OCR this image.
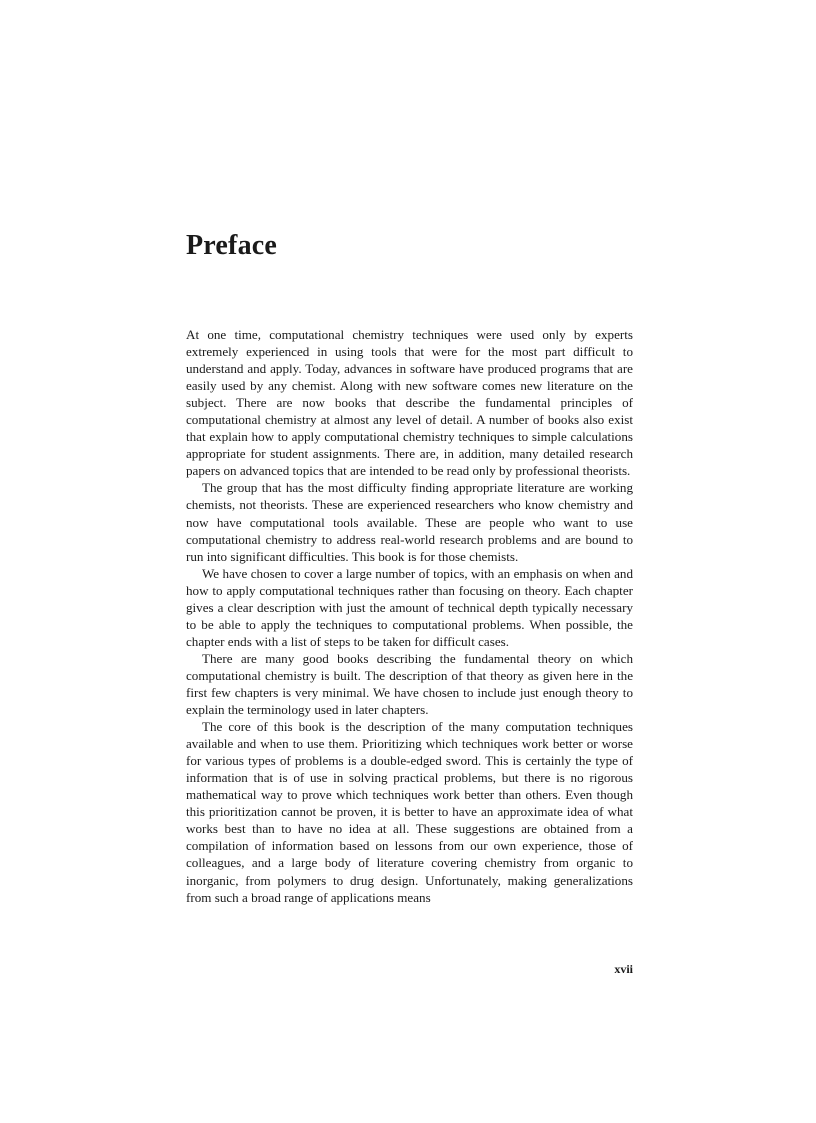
Preface

At one time, computational chemistry techniques were used only by experts extremely experienced in using tools that were for the most part difficult to understand and apply. Today, advances in software have produced programs that are easily used by any chemist. Along with new software comes new literature on the subject. There are now books that describe the fundamental principles of computational chemistry at almost any level of detail. A number of books also exist that explain how to apply computational chemistry techniques to simple calculations appropriate for student assignments. There are, in addition, many detailed research papers on advanced topics that are intended to be read only by professional theorists.

The group that has the most difficulty finding appropriate literature are working chemists, not theorists. These are experienced researchers who know chemistry and now have computational tools available. These are people who want to use computational chemistry to address real-world research problems and are bound to run into significant difficulties. This book is for those chemists.

We have chosen to cover a large number of topics, with an emphasis on when and how to apply computational techniques rather than focusing on theory. Each chapter gives a clear description with just the amount of technical depth typically necessary to be able to apply the techniques to computational problems. When possible, the chapter ends with a list of steps to be taken for difficult cases.

There are many good books describing the fundamental theory on which computational chemistry is built. The description of that theory as given here in the first few chapters is very minimal. We have chosen to include just enough theory to explain the terminology used in later chapters.

The core of this book is the description of the many computation techniques available and when to use them. Prioritizing which techniques work better or worse for various types of problems is a double-edged sword. This is certainly the type of information that is of use in solving practical problems, but there is no rigorous mathematical way to prove which techniques work better than others. Even though this prioritization cannot be proven, it is better to have an approximate idea of what works best than to have no idea at all. These suggestions are obtained from a compilation of information based on lessons from our own experience, those of colleagues, and a large body of literature covering chemistry from organic to inorganic, from polymers to drug design. Unfortunately, making generalizations from such a broad range of applications means

xvii
